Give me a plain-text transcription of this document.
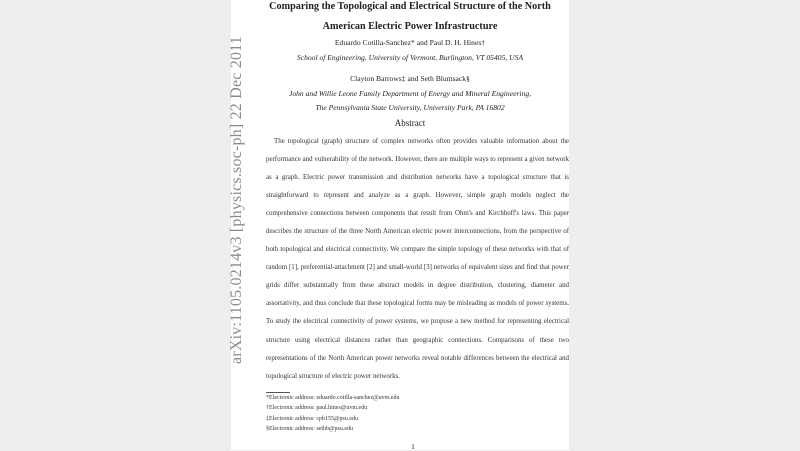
arXiv:1105.0214v3 [physics.soc-ph] 22 Dec 2011
Comparing the Topological and Electrical Structure of the North
American Electric Power Infrastructure
Eduardo Cotilla-Sanchez* and Paul D. H. Hines†
School of Engineering, University of Vermont, Burlington, VT 05405, USA
Clayton Barrows‡ and Seth Blumsack§
John and Willie Leone Family Department of Energy and Mineral Engineering,
The Pennsylvania State University, University Park, PA 16802
Abstract
The topological (graph) structure of complex networks often provides valuable information about the performance and vulnerability of the network. However, there are multiple ways to represent a given network as a graph. Electric power transmission and distribution networks have a topological structure that is straightforward to represent and analyze as a graph. However, simple graph models neglect the comprehensive connections between components that result from Ohm's and Kirchhoff's laws. This paper describes the structure of the three North American electric power interconnections, from the perspective of both topological and electrical connectivity. We compare the simple topology of these networks with that of random [1], preferential-attachment [2] and small-world [3] networks of equivalent sizes and find that power grids differ substantially from these abstract models in degree distribution, clustering, diameter and assortativity, and thus conclude that these topological forms may be misleading as models of power systems. To study the electrical connectivity of power systems, we propose a new method for representing electrical structure using electrical distances rather than geographic connections. Comparisons of these two representations of the North American power networks reveal notable differences between the electrical and topological structure of electric power networks.
*Electronic address: eduardo.cotilla-sanchez@uvm.edu
†Electronic address: paul.hines@uvm.edu
‡Electronic address: cpb155@psu.edu
§Electronic address: sethb@psu.edu
1
